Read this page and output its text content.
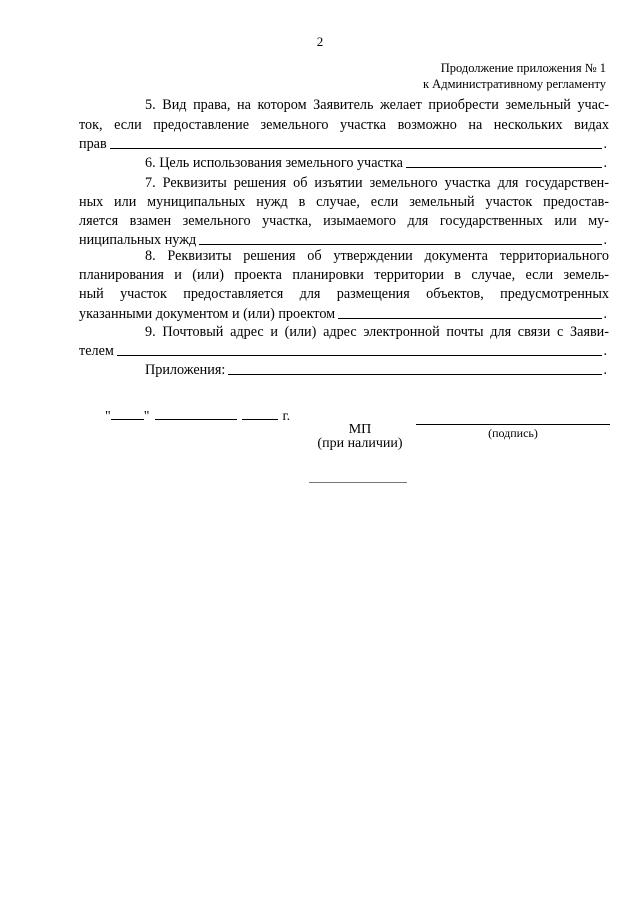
2
Продолжение приложения № 1
к Административному регламенту
5. Вид права, на котором Заявитель желает приобрести земельный учас-
ток, если предоставление земельного участка возможно на нескольких видах
прав	.
6. Цель использования земельного участка	.
7. Реквизиты решения об изъятии земельного участка для государствен-
ных или муниципальных нужд в случае, если земельный участок предостав-
ляется взамен земельного участка, изымаемого для государственных или му-
ниципальных нужд	.
8. Реквизиты решения об утверждении документа территориального
планирования и (или) проекта планировки территории в случае, если земель-
ный участок предоставляется для размещения объектов, предусмотренных
указанными документом и (или) проектом	.
9. Почтовый адрес и (или) адрес электронной почты для связи с Заяви-
телем	.
Приложения:	.
" "	г.
МП
(при наличии)
(подпись)
